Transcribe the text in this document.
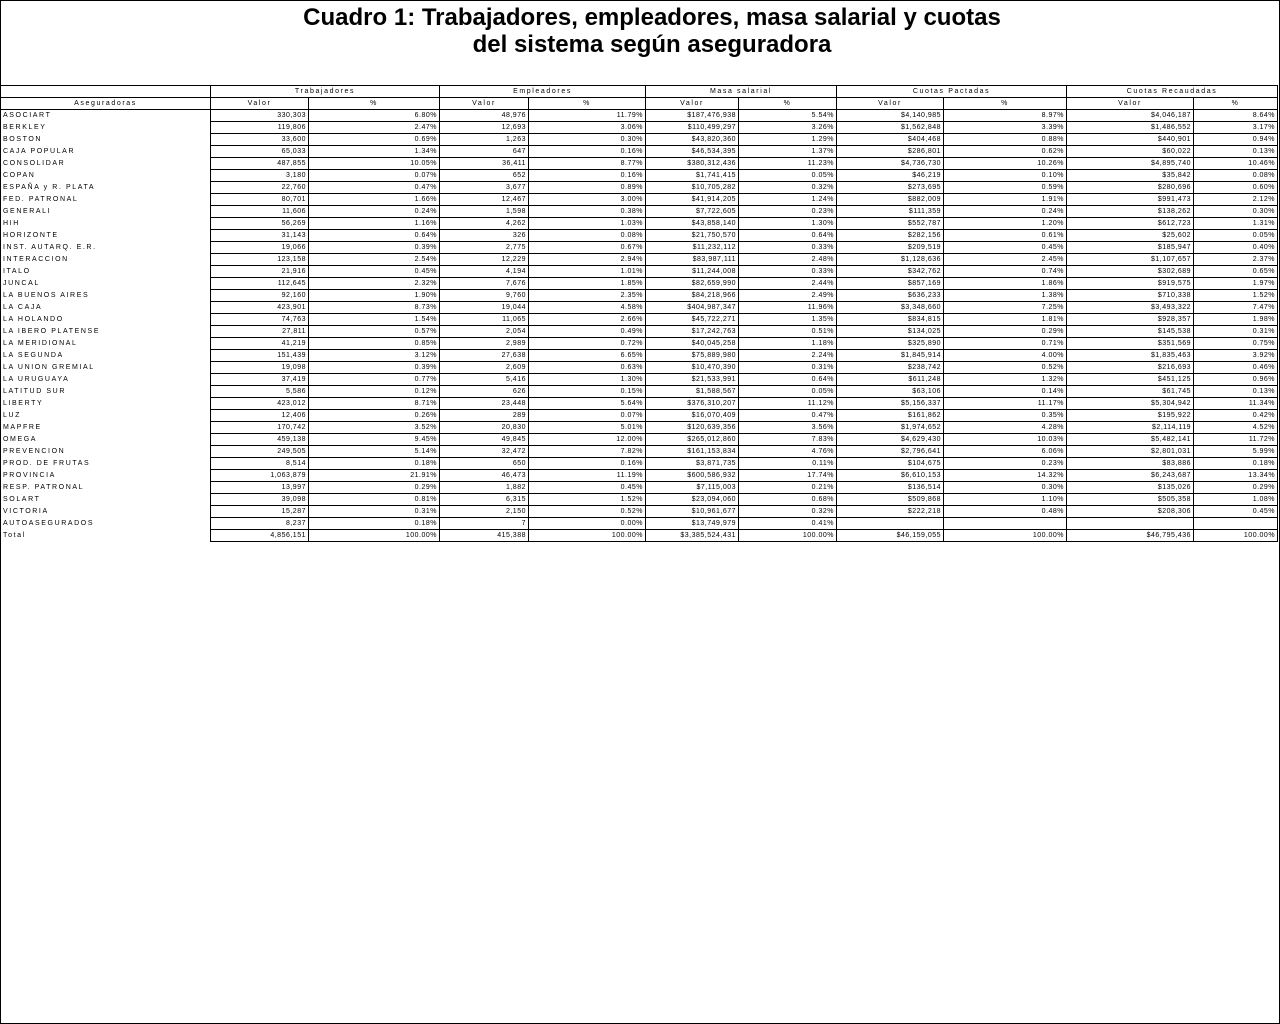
Cuadro 1: Trabajadores, empleadores, masa salarial y cuotas
del sistema según aseguradora
	Trabajadores		Empleadores		Masa salarial		Cuotas Pactadas		Cuotas Recaudadas	
Aseguradoras	Valor	%	Valor	%	Valor	%	Valor	%	Valor	%
ASOCIART	330,303	6.80%	48,976	11.79%	$187,476,938	5.54%	$4,140,985	8.97%	$4,046,187	8.64%
BERKLEY	119,806	2.47%	12,693	3.06%	$110,499,297	3.26%	$1,562,848	3.39%	$1,486,552	3.17%
BOSTON	33,600	0.69%	1,263	0.30%	$43,820,360	1.29%	$404,468	0.88%	$440,901	0.94%
CAJA POPULAR	65,033	1.34%	647	0.16%	$46,534,395	1.37%	$286,801	0.62%	$60,022	0.13%
CONSOLIDAR	487,855	10.05%	36,411	8.77%	$380,312,436	11.23%	$4,736,730	10.26%	$4,895,740	10.46%
COPAN	3,180	0.07%	652	0.16%	$1,741,415	0.05%	$46,219	0.10%	$35,842	0.08%
ESPAÑA y R. PLATA	22,760	0.47%	3,677	0.89%	$10,705,282	0.32%	$273,695	0.59%	$280,696	0.60%
FED. PATRONAL	80,701	1.66%	12,467	3.00%	$41,914,205	1.24%	$882,009	1.91%	$991,473	2.12%
GENERALI	11,606	0.24%	1,598	0.38%	$7,722,605	0.23%	$111,359	0.24%	$138,262	0.30%
HIH	56,269	1.16%	4,262	1.03%	$43,858,140	1.30%	$552,787	1.20%	$612,723	1.31%
HORIZONTE	31,143	0.64%	326	0.08%	$21,750,570	0.64%	$282,156	0.61%	$25,602	0.05%
INST. AUTARQ. E.R.	19,066	0.39%	2,775	0.67%	$11,232,112	0.33%	$209,519	0.45%	$185,947	0.40%
INTERACCION	123,158	2.54%	12,229	2.94%	$83,987,111	2.48%	$1,128,636	2.45%	$1,107,657	2.37%
ITALO	21,916	0.45%	4,194	1.01%	$11,244,008	0.33%	$342,762	0.74%	$302,689	0.65%
JUNCAL	112,645	2.32%	7,676	1.85%	$82,659,990	2.44%	$857,169	1.86%	$919,575	1.97%
LA BUENOS AIRES	92,160	1.90%	9,760	2.35%	$84,218,966	2.49%	$636,233	1.38%	$710,338	1.52%
LA CAJA	423,901	8.73%	19,044	4.58%	$404,987,347	11.96%	$3,348,660	7.25%	$3,493,322	7.47%
LA HOLANDO	74,763	1.54%	11,065	2.66%	$45,722,271	1.35%	$834,815	1.81%	$928,357	1.98%
LA IBERO PLATENSE	27,811	0.57%	2,054	0.49%	$17,242,763	0.51%	$134,025	0.29%	$145,538	0.31%
LA MERIDIONAL	41,219	0.85%	2,989	0.72%	$40,045,258	1.18%	$325,890	0.71%	$351,569	0.75%
LA SEGUNDA	151,439	3.12%	27,638	6.65%	$75,889,980	2.24%	$1,845,914	4.00%	$1,835,463	3.92%
LA UNION GREMIAL	19,098	0.39%	2,609	0.63%	$10,470,390	0.31%	$238,742	0.52%	$216,693	0.46%
LA URUGUAYA	37,419	0.77%	5,416	1.30%	$21,533,991	0.64%	$611,248	1.32%	$451,125	0.96%
LATITUD SUR	5,586	0.12%	626	0.15%	$1,588,567	0.05%	$63,106	0.14%	$61,745	0.13%
LIBERTY	423,012	8.71%	23,448	5.64%	$376,310,207	11.12%	$5,156,337	11.17%	$5,304,942	11.34%
LUZ	12,406	0.26%	289	0.07%	$16,070,409	0.47%	$161,862	0.35%	$195,922	0.42%
MAPFRE	170,742	3.52%	20,830	5.01%	$120,639,356	3.56%	$1,974,652	4.28%	$2,114,119	4.52%
OMEGA	459,138	9.45%	49,845	12.00%	$265,012,860	7.83%	$4,629,430	10.03%	$5,482,141	11.72%
PREVENCION	249,505	5.14%	32,472	7.82%	$161,153,834	4.76%	$2,796,641	6.06%	$2,801,031	5.99%
PROD. DE FRUTAS	8,514	0.18%	650	0.16%	$3,871,735	0.11%	$104,675	0.23%	$83,886	0.18%
PROVINCIA	1,063,879	21.91%	46,473	11.19%	$600,586,932	17.74%	$6,610,153	14.32%	$6,243,687	13.34%
RESP. PATRONAL	13,997	0.29%	1,882	0.45%	$7,115,003	0.21%	$136,514	0.30%	$135,026	0.29%
SOLART	39,098	0.81%	6,315	1.52%	$23,094,060	0.68%	$509,868	1.10%	$505,358	1.08%
VICTORIA	15,287	0.31%	2,150	0.52%	$10,961,677	0.32%	$222,218	0.48%	$208,306	0.45%
AUTOASEGURADOS	8,237	0.18%	7	0.00%	$13,749,979	0.41%				
Total	4,856,151	100.00%	415,388	100.00%	$3,385,524,431	100.00%	$46,159,055	100.00%	$46,795,436	100.00%
